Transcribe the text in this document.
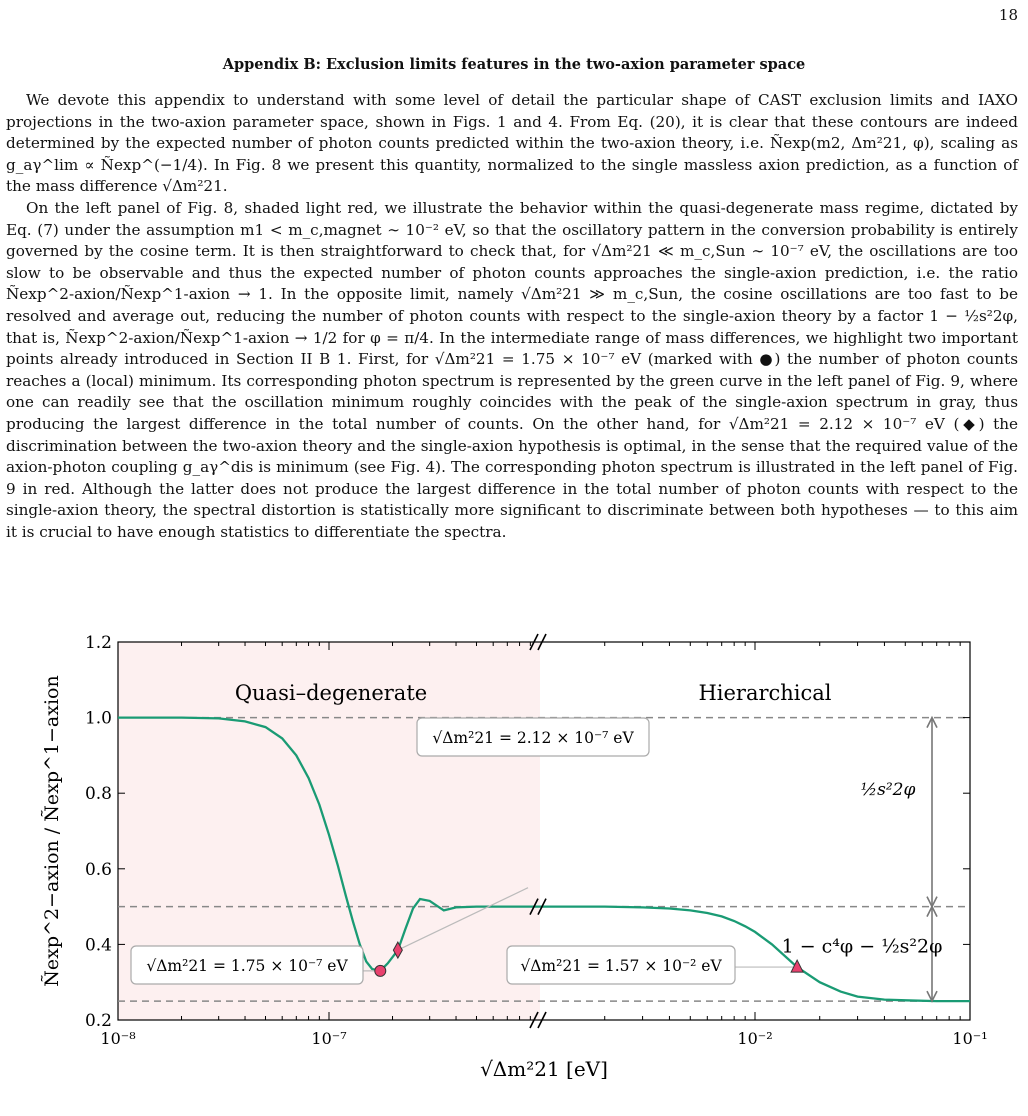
18
Appendix B: Exclusion limits features in the two-axion parameter space

We devote this appendix to understand with some level of detail the particular shape of CAST exclusion limits and IAXO projections in the two-axion parameter space, shown in Figs. 1 and 4. From Eq. (20), it is clear that these contours are indeed determined by the expected number of photon counts predicted within the two-axion theory, i.e. Ñexp(m2, Δm²21, φ), scaling as g_aγ^lim ∝ Ñexp^(−1/4). In Fig. 8 we present this quantity, normalized to the single massless axion prediction, as a function of the mass difference √Δm²21.

On the left panel of Fig. 8, shaded light red, we illustrate the behavior within the quasi-degenerate mass regime, dictated by Eq. (7) under the assumption m1 < m_c,magnet ∼ 10⁻² eV, so that the oscillatory pattern in the conversion probability is entirely governed by the cosine term. It is then straightforward to check that, for √Δm²21 ≪ m_c,Sun ∼ 10⁻⁷ eV, the oscillations are too slow to be observable and thus the expected number of photon counts approaches the single-axion prediction, i.e. the ratio Ñexp^2-axion/Ñexp^1-axion → 1. In the opposite limit, namely √Δm²21 ≫ m_c,Sun, the cosine oscillations are too fast to be resolved and average out, reducing the number of photon counts with respect to the single-axion theory by a factor 1 − ½s²2φ, that is, Ñexp^2-axion/Ñexp^1-axion → 1/2 for φ = π/4. In the intermediate range of mass differences, we highlight two important points already introduced in Section II B 1. First, for √Δm²21 = 1.75 × 10⁻⁷ eV (marked with ●) the number of photon counts reaches a (local) minimum. Its corresponding photon spectrum is represented by the green curve in the left panel of Fig. 9, where one can readily see that the oscillation minimum roughly coincides with the peak of the single-axion spectrum in gray, thus producing the largest difference in the total number of counts. On the other hand, for √Δm²21 = 2.12 × 10⁻⁷ eV (◆) the discrimination between the two-axion theory and the single-axion hypothesis is optimal, in the sense that the required value of the axion-photon coupling g_aγ^dis is minimum (see Fig. 4). The corresponding photon spectrum is illustrated in the left panel of Fig. 9 in red. Although the latter does not produce the largest difference in the total number of photon counts with respect to the single-axion theory, the spectral distortion is statistically more significant to discriminate between both hypotheses — to this aim it is crucial to have enough statistics to differentiate the spectra.

0.2
0.4
0.6
0.8
1.0
1.2
10⁻⁸	10⁻⁷	10⁻²	10⁻¹
Quasi–degenerate	Hierarchical
½s²2φ
1 − c⁴φ − ½s²2φ
√Δm²21 = 1.75 × 10⁻⁷ eV
√Δm²21 = 2.12 × 10⁻⁷ eV
√Δm²21 = 1.57 × 10⁻² eV
√Δm²21 [eV]
Ñexp^2−axion / Ñexp^1−axion
